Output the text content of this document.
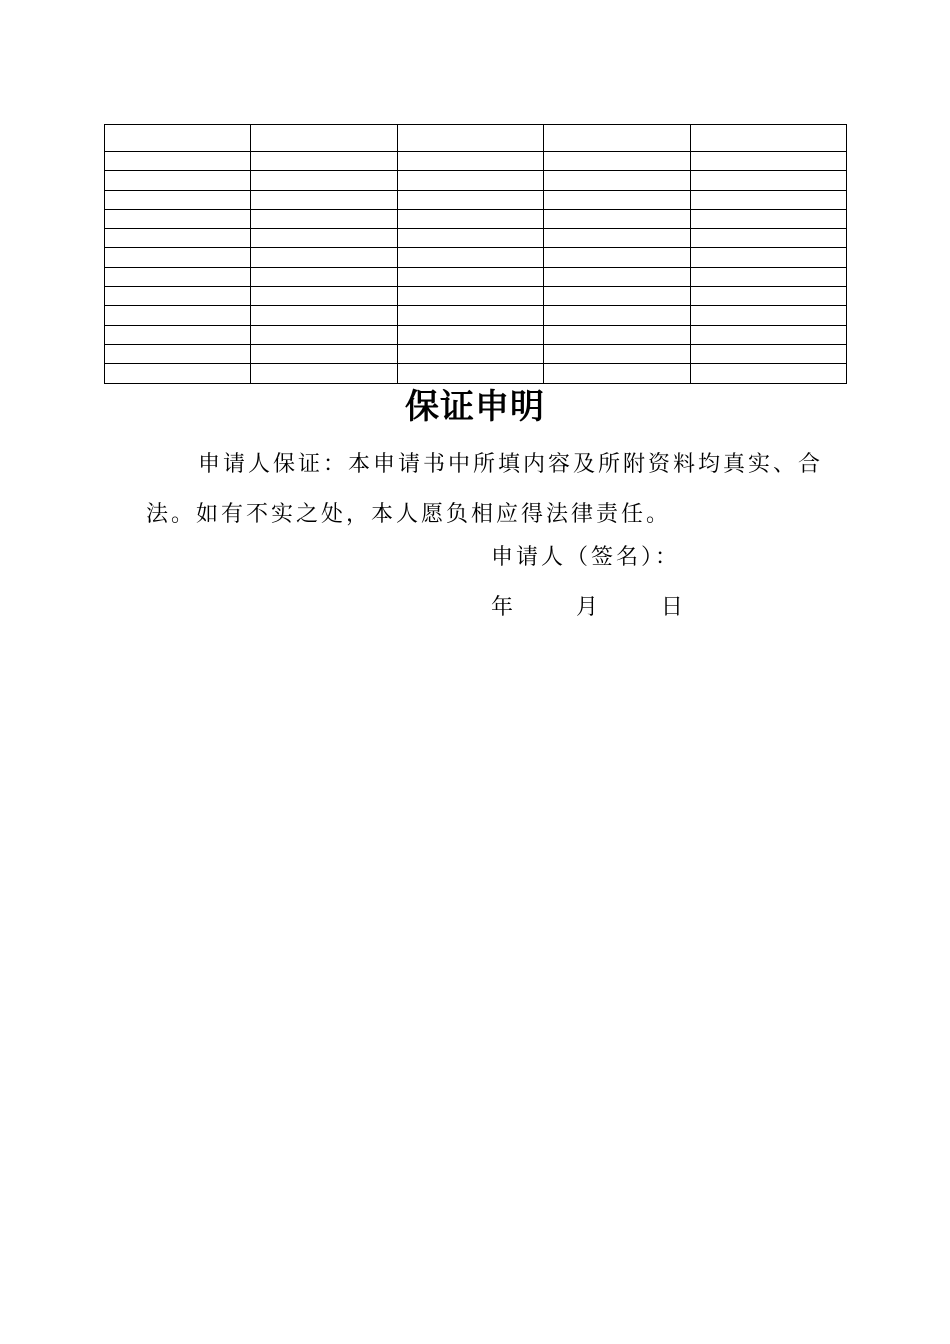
保证申明

申请人保证：本申请书中所填内容及所附资料均真实、合法。如有不实之处，本人愿负相应得法律责任。

申请人（签名）：
年      月      日
